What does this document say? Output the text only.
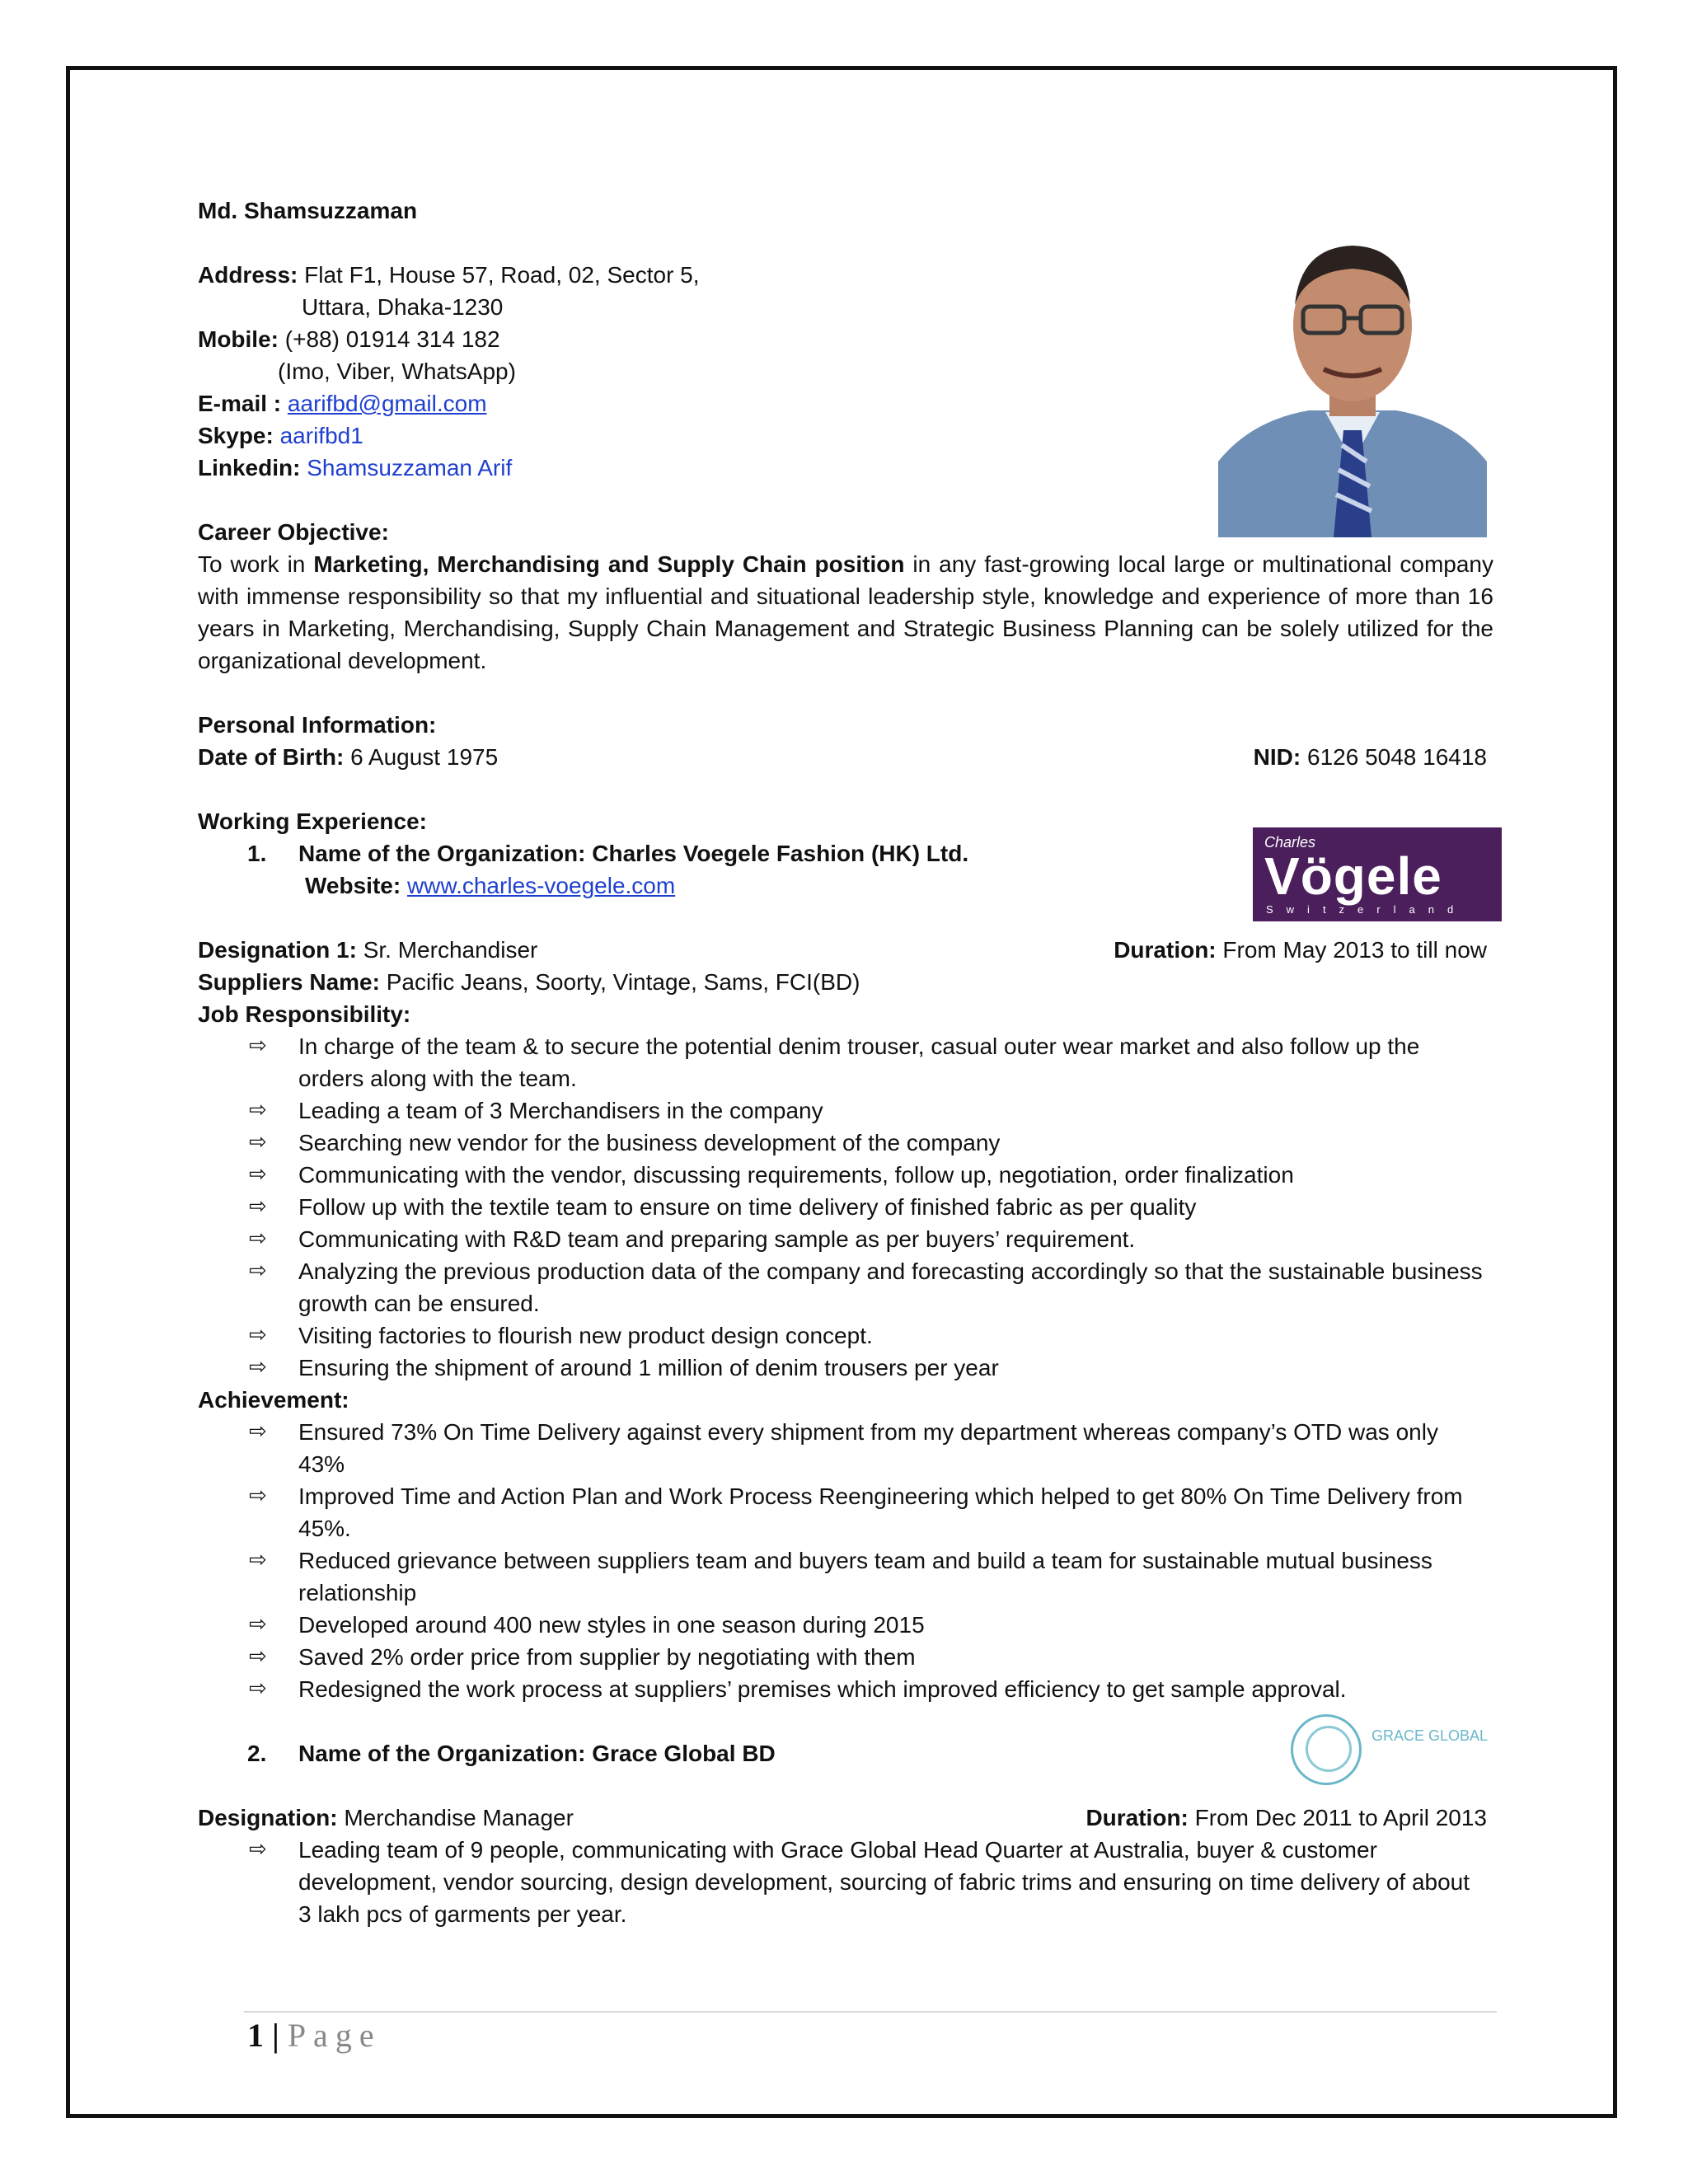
Charles
Vögele
Switzerland
GRACE GLOBAL
Md. Shamsuzzaman
Address: Flat F1, House 57, Road, 02, Sector 5,
Uttara, Dhaka-1230
Mobile: (+88) 01914 314 182
(Imo, Viber, WhatsApp)
E-mail : aarifbd@gmail.com
Skype: aarifbd1
Linkedin: Shamsuzzaman Arif
Career Objective:
To work in Marketing, Merchandising and Supply Chain position in any fast-growing local large or multinational company with immense responsibility so that my influential and situational leadership style, knowledge and experience of more than 16 years in Marketing, Merchandising, Supply Chain Management and Strategic Business Planning can be solely utilized for the organizational development.
Personal Information:
Date of Birth: 6 August 1975	NID: 6126 5048 16418
Working Experience:
1.	Name of the Organization: Charles Voegele Fashion (HK) Ltd.
Website: www.charles-voegele.com
Designation 1: Sr. Merchandiser	Duration: From May 2013 to till now
Suppliers Name: Pacific Jeans, Soorty, Vintage, Sams, FCI(BD)
Job Responsibility:
⇨	In charge of the team & to secure the potential denim trouser, casual outer wear market and also follow up the orders along with the team.
⇨	Leading a team of 3 Merchandisers in the company
⇨	Searching new vendor for the business development of the company
⇨	Communicating with the vendor, discussing requirements, follow up, negotiation, order finalization
⇨	Follow up with the textile team to ensure on time delivery of finished fabric as per quality
⇨	Communicating with R&D team and preparing sample as per buyers’ requirement.
⇨	Analyzing the previous production data of the company and forecasting accordingly so that the sustainable business growth can be ensured.
⇨	Visiting factories to flourish new product design concept.
⇨	Ensuring the shipment of around 1 million of denim trousers per year
Achievement:
⇨	Ensured 73% On Time Delivery against every shipment from my department whereas company’s OTD was only 43%
⇨	Improved Time and Action Plan and Work Process Reengineering which helped to get 80% On Time Delivery from 45%.
⇨	Reduced grievance between suppliers team and buyers team and build a team for sustainable mutual business relationship
⇨	Developed around 400 new styles in one season during 2015
⇨	Saved 2% order price from supplier by negotiating with them
⇨	Redesigned the work process at suppliers’ premises which improved efficiency to get sample approval.
2.	Name of the Organization: Grace Global BD
Designation: Merchandise Manager	Duration: From Dec 2011 to April 2013
⇨	Leading team of 9 people, communicating with Grace Global Head Quarter at Australia, buyer & customer development, vendor sourcing, design development, sourcing of fabric trims and ensuring on time delivery of about 3 lakh pcs of garments per year.
1 | Page
